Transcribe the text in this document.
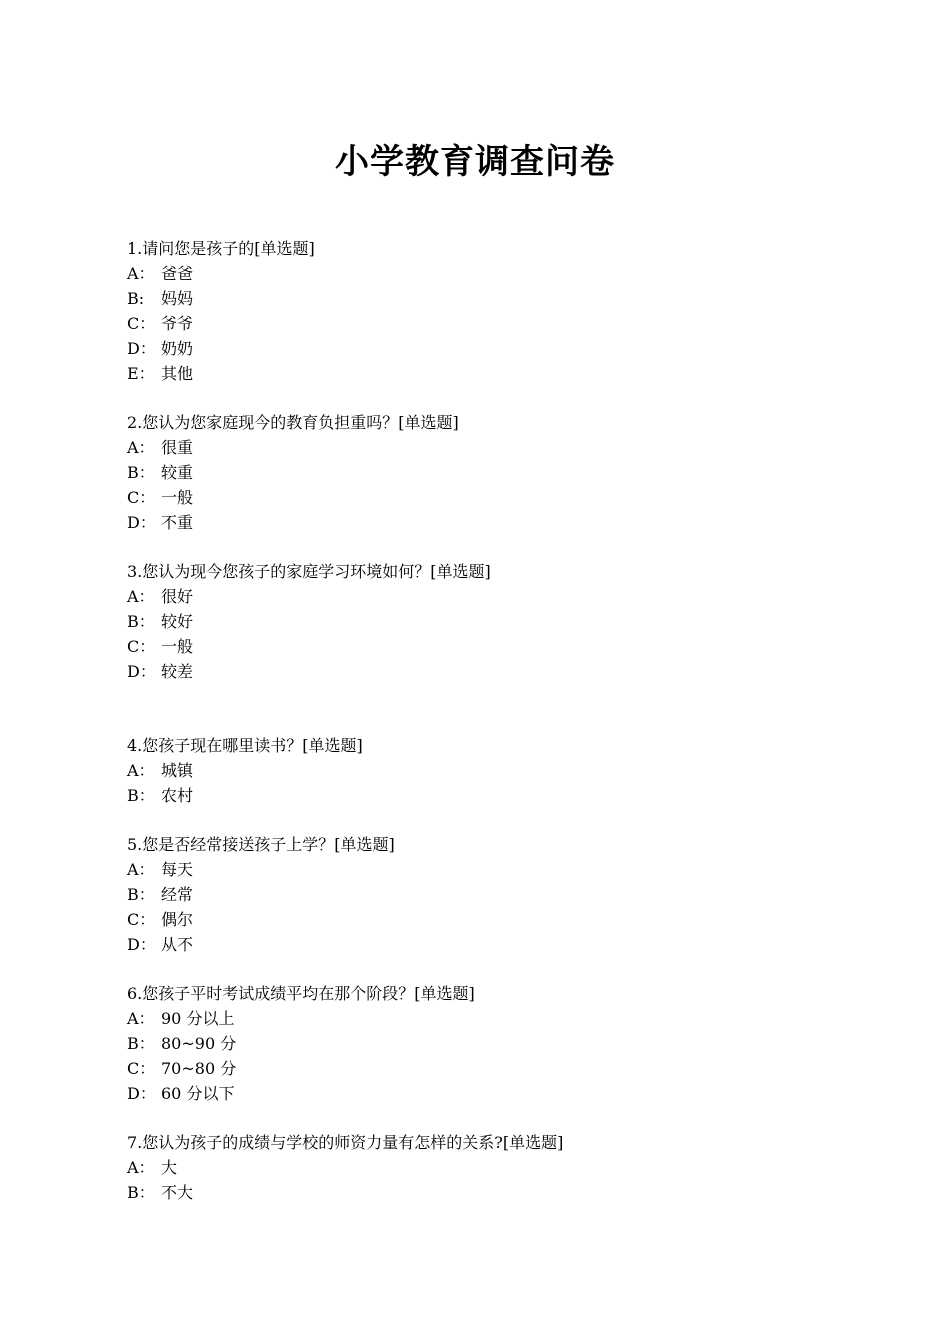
小学教育调查问卷
1.请问您是孩子的[单选题]
A： 爸爸
B:	妈妈
C： 爷爷
D： 奶奶
E： 其他
2.您认为您家庭现今的教育负担重吗？[单选题]
A： 很重
B： 较重
C： 一般
D： 不重
3.您认为现今您孩子的家庭学习环境如何？[单选题]
A： 很好
B： 较好
C： 一般
D： 较差
4.您孩子现在哪里读书？[单选题]
A： 城镇
B： 农村
5.您是否经常接送孩子上学？[单选题]
A： 每天
B： 经常
C： 偶尔
D： 从不
6.您孩子平时考试成绩平均在那个阶段？[单选题]
A： 90 分以上
B： 80~90 分
C： 70~80 分
D： 60 分以下
7.您认为孩子的成绩与学校的师资力量有怎样的关系?[单选题]
A： 大
B： 不大
